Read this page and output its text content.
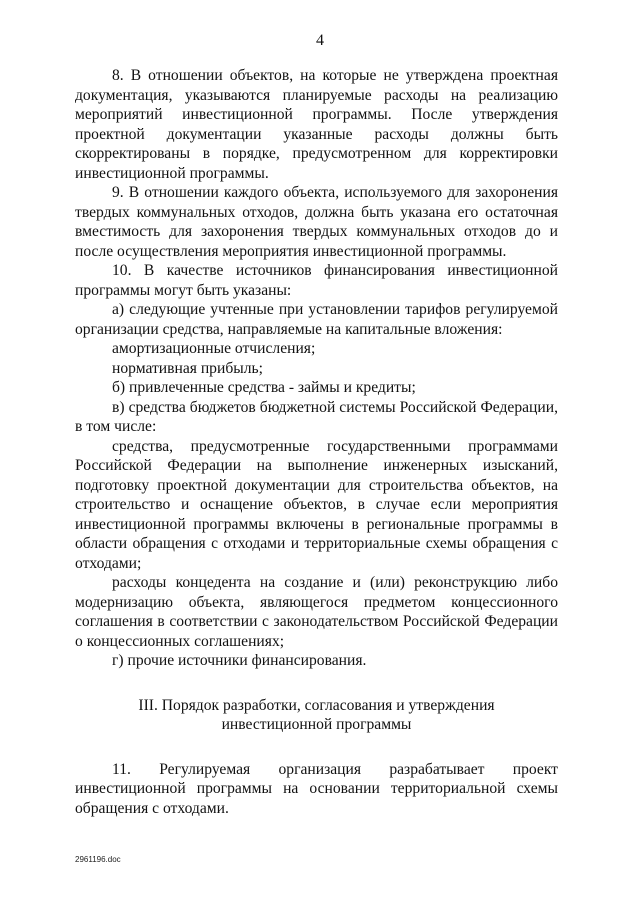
4

8. В отношении объектов, на которые не утверждена проектная документация, указываются планируемые расходы на реализацию мероприятий инвестиционной программы. После утверждения проектной документации указанные расходы должны быть скорректированы в порядке, предусмотренном для корректировки инвестиционной программы.

9. В отношении каждого объекта, используемого для захоронения твердых коммунальных отходов, должна быть указана его остаточная вместимость для захоронения твердых коммунальных отходов до и после осуществления мероприятия инвестиционной программы.

10. В качестве источников финансирования инвестиционной программы могут быть указаны:

а) следующие учтенные при установлении тарифов регулируемой организации средства, направляемые на капитальные вложения:

амортизационные отчисления;

нормативная прибыль;

б) привлеченные средства - займы и кредиты;

в) средства бюджетов бюджетной системы Российской Федерации, в том числе:

средства, предусмотренные государственными программами Российской Федерации на выполнение инженерных изысканий, подготовку проектной документации для строительства объектов, на строительство и оснащение объектов, в случае если мероприятия инвестиционной программы включены в региональные программы в области обращения с отходами и территориальные схемы обращения с отходами;

расходы концедента на создание и (или) реконструкцию либо модернизацию объекта, являющегося предметом концессионного соглашения в соответствии с законодательством Российской Федерации о концессионных соглашениях;

г) прочие источники финансирования.

III. Порядок разработки, согласования и утверждения
инвестиционной программы

11. Регулируемая организация разрабатывает проект инвестиционной программы на основании территориальной схемы обращения с отходами.

2961196.doc
